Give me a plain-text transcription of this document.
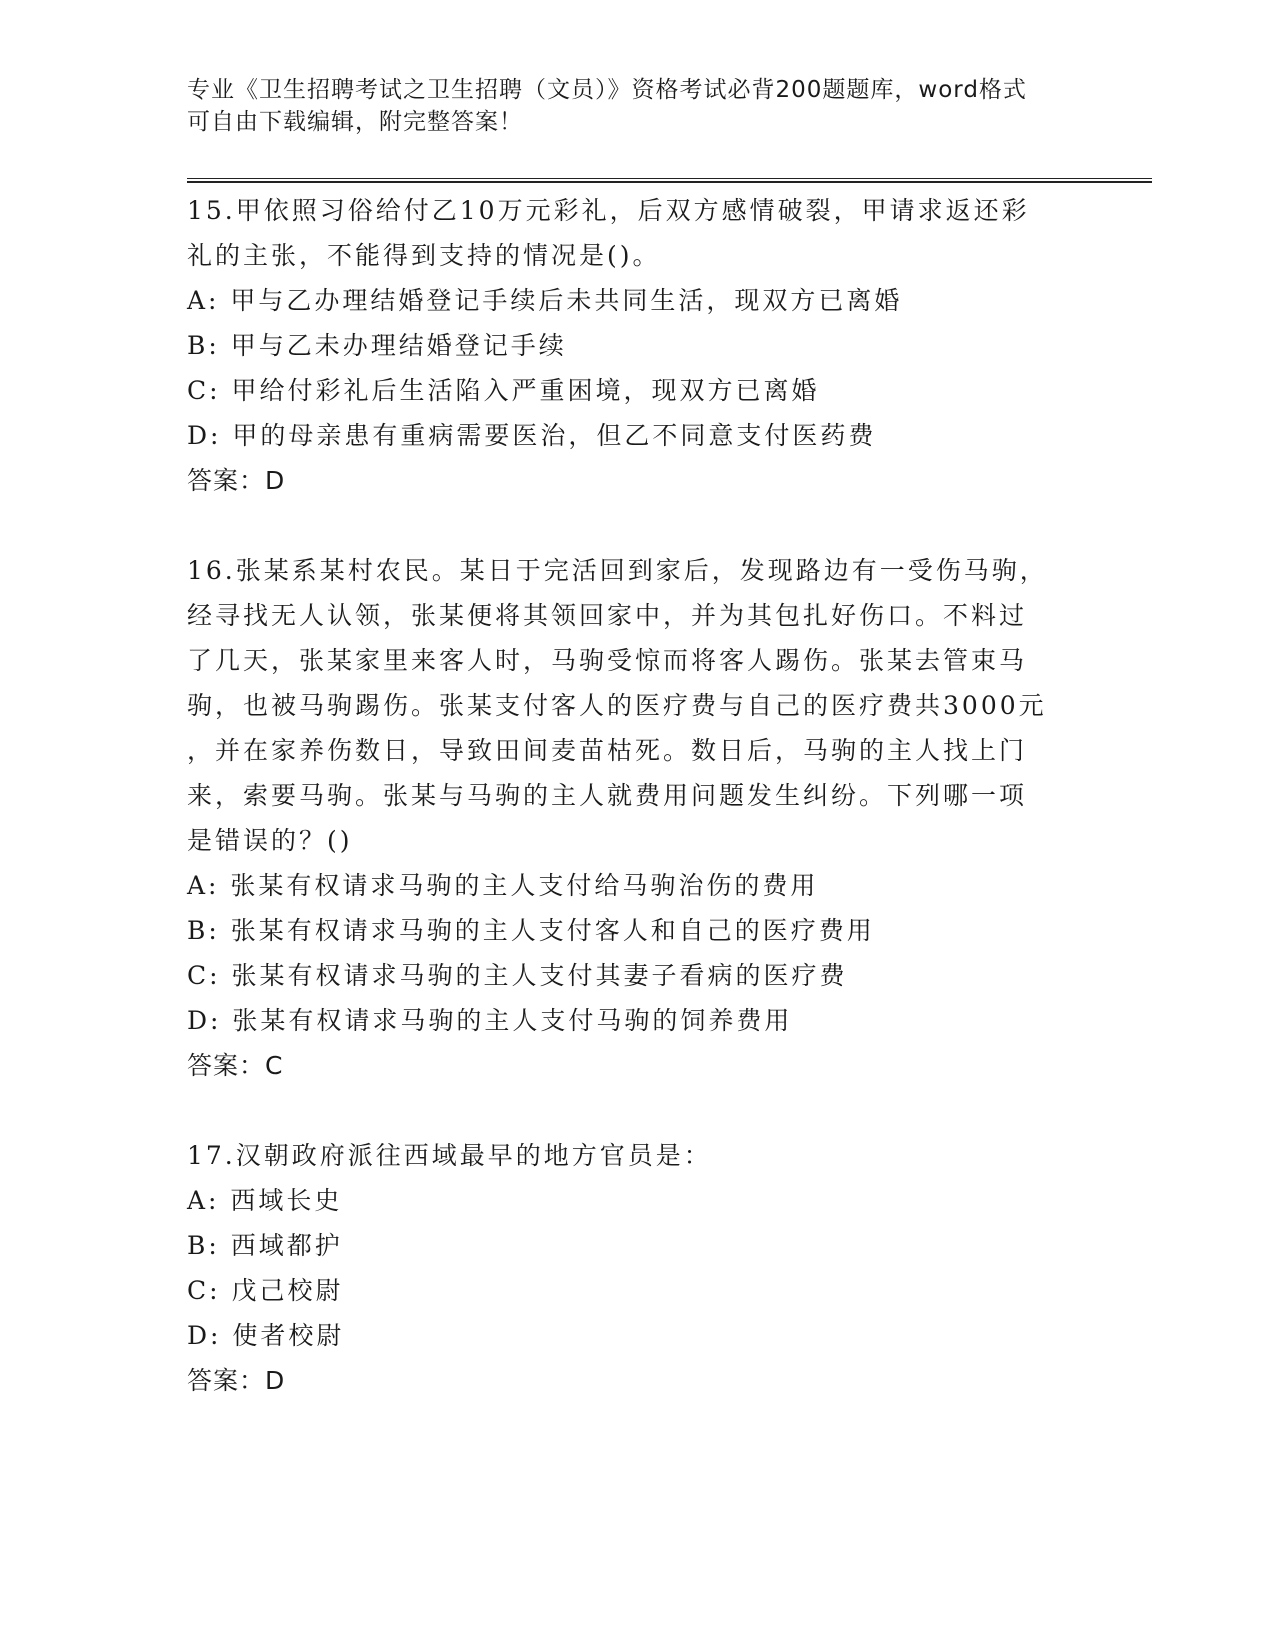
专业《卫生招聘考试之卫生招聘（文员）》资格考试必背200题题库，word格式
可自由下载编辑，附完整答案！

15.甲依照习俗给付乙10万元彩礼，后双方感情破裂，甲请求返还彩

礼的主张，不能得到支持的情况是()。

A: 甲与乙办理结婚登记手续后未共同生活，现双方已离婚

B: 甲与乙未办理结婚登记手续

C: 甲给付彩礼后生活陷入严重困境，现双方已离婚

D: 甲的母亲患有重病需要医治，但乙不同意支付医药费

答案：D

16.张某系某村农民。某日于完活回到家后，发现路边有一受伤马驹，

经寻找无人认领，张某便将其领回家中，并为其包扎好伤口。不料过

了几天，张某家里来客人时，马驹受惊而将客人踢伤。张某去管束马

驹，也被马驹踢伤。张某支付客人的医疗费与自己的医疗费共3000元

，并在家养伤数日，导致田间麦苗枯死。数日后，马驹的主人找上门

来，索要马驹。张某与马驹的主人就费用问题发生纠纷。下列哪一项

是错误的？()

A: 张某有权请求马驹的主人支付给马驹治伤的费用

B: 张某有权请求马驹的主人支付客人和自己的医疗费用

C: 张某有权请求马驹的主人支付其妻子看病的医疗费

D: 张某有权请求马驹的主人支付马驹的饲养费用

答案：C

17.汉朝政府派往西域最早的地方官员是：

A: 西域长史

B: 西域都护

C: 戊己校尉

D: 使者校尉

答案：D
